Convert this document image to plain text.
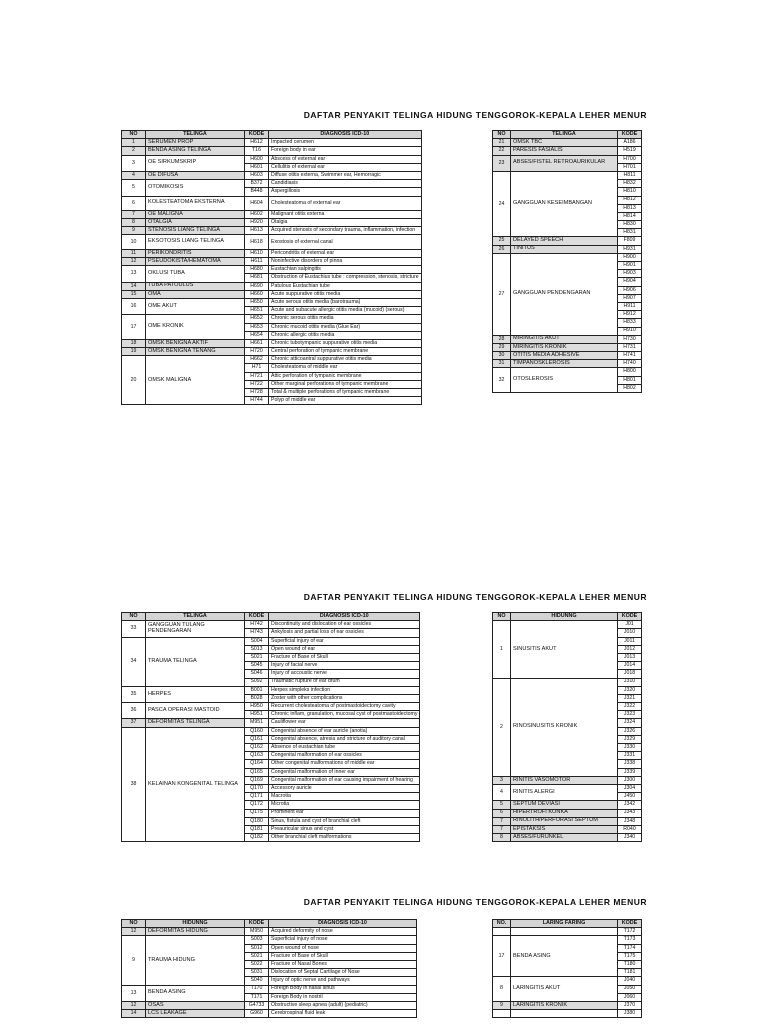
DAFTAR PENYAKIT TELINGA HIDUNG TENGGOROK-KEPALA LEHER MENUR
NO	TELINGA	KODE	DIAGNOSIS ICD-10
1	SERUMEN PROP	H612	Impacted cerumen
2	BENDA ASING TELINGA	T16	Foreign body in ear
3	OE SIRKUMSKRIP	H600	Abscess of external ear
		H601	Cellulitis of external ear
4	OE DIFUSA	H603	Diffuse otitis externa, Swimmer ear, Hemorragic
5	OTOMIKOSIS	B372	Candidiasis
		B448	Aspergillosis
6	KOLESTEATOMA EKSTERNA	H604	Cholesteatoma of external ear
7	OE MALIGNA	H602	Malignant otitis externa
8	OTALGIA	H920	Otalgia
9	STENOSIS LIANG TELINGA	H613	Acquired stenosis of secondary trauma, inflammation, infection
10	EKSOTOSIS LIANG TELINGA	H618	Exostosis of external canal
11	PERIKONDRITIS	H610	Pericondritis of external ear
12	PSEUDOKISTA/HEMATOMA	H611	Noninfective disorders of pinna
13	OKLUSI TUBA	H680	Eustachian salpingitis
		H681	Obstruction of Eustachius tube : compression, stenosis, stricture
14	TUBA PATOULUS	H690	Patulous Eustachian tube
15	OMA	H660	Acute suppurative otitis media
16	OME AKUT	H650	Acute serous otitis media (barotrauma)
		H651	Acute and subacute allergic otitis media (mucoid) (serous)
17	OME KRONIK	H652	Chronic serous otitis media
		H653	Chronic mucoid otitis media (Glue Ear)
		H654	Chronic allergic otitis media
18	OMSK BENIGNA AKTIF	H661	Chronic tubotympanic suppurative otitis media
19	OMSK BENIGNA TENANG	H720	Central perforation of tympanic membrane
20	OMSK MALIGNA	H662	Chronic atticoantral suppurative otitis media
		H71	Cholesteatoma of middle ear
		H721	Attic perforation of tympanic membrane
		H722	Other marginal perforations of tympanic membrane
		H728	Total & multiple perforations of tympanic membrane
		H744	Polyp of middle ear
NO	TELINGA	KODE
21	OMSK TBC	A186
22	PARESIS FASIALIS	H519
23	ABSES/FISTEL RETROAURIKULAR	H700
		H701
24	GANGGUAN KESEIMBANGAN	H811
		H832
		H810
		H812
		H813
		H814
		H830
		H831
25	DELAYED SPEECH	F809
26	TINITUS	H931
27	GANGGUAN PENDENGARAN	H900
		H901
		H903
		H904
		H906
		H907
		H911
		H912
		H833
		H910
28	MIRINGITIS AKUT	H730
29	MIRINGITIS KRONIK	H731
30	OTITIS MEDIA ADHESIVE	H741
31	TIMPANOSKLEROSIS	H740
32	OTOSLEROSIS	H800
		H801
		H802
DAFTAR PENYAKIT TELINGA HIDUNG TENGGOROK-KEPALA LEHER MENUR
NO	TELINGA	KODE	DIAGNOSIS ICD-10
33	GANGGUAN TULANG PENDENGARAN	H742	Discontinuity and dislocation of ear ossicles
		H743	Ankylosis and partial loss of ear ossicles
34	TRAUMA TELINGA	S004	Superficial injury of ear
		S013	Open wound of ear
		S021	Fracture of Base of Skull
		S045	Injury of facial nerve
		S046	Injury of accoustic nerve
		S092	Traumatic rupture of ear drum
35	HERPES	B001	Herpes simpleks infection
		B028	Zoster with other complications
36	PASCA OPERASI MASTOID	H950	Recurrent cholesteatoma of postmastoidectomy cavity
		H951	Chronic inflam, granulation, mucosal cyst of postmastoidectomy
37	DEFORMITAS TELINGA	M951	Cauliflower ear
38	KELAINAN KONGENITAL TELINGA	Q160	Congenital absence of ear auricle (anotia)
		Q161	Congenital absence, atresia and stricture of auditory canal
		Q162	Absence of eustachian tube
		Q163	Congenital malformation of ear ossicles
		Q164	Other congenital malformations of middle ear
		Q165	Congenital malformation of inner ear
		Q169	Congenital malformation of ear causing impairment of hearing
		Q170	Accessory auricle
		Q171	Macrotia
		Q172	Microtia
		Q175	Prominent ear
		Q180	Sinus, fistula and cyst of branchial cleft
		Q181	Preauricular sinus and cyst
		Q182	Other branchial cleft malformations
NO	HIDUNNG	KODE
1	SINUSITIS AKUT	J01
		J010
		J011
		J012
		J013
		J014
		J018
2	RINOSINUSITIS KRONIK	J310
		J320
		J321
		J322
		J323
		J324
		J326
		J329
		J330
		J331
		J338
		J339
3	RINITIS VASOMOTOR	J300
4	RINITIS ALERGI	J304
		J450
5	SEPTUM DEVIASI	J342
6	HIPERTROFI KONKA	J343
7	RINOLITH/PERFORASI SEPTUM	J348
7	EPISTAKSIS	R040
8	ABSES/FURUNKEL	J340
DAFTAR PENYAKIT TELINGA HIDUNG TENGGOROK-KEPALA LEHER MENUR
NO	HIDUNNG	KODE	DIAGNOSIS ICD-10
12	DEFORMITAS HIDUNG	M950	Acquired deformity of nose
9	TRAUMA HIDUNG	S003	Superficial injury of nose
		S012	Open wound of nose
		S021	Fracture of Base of Skull
		S022	Fracture of Nasal Bones
		S031	Dislocation of Septal Cartilage of Nose
		S040	Injury of optic nerve and pathways
13	BENDA ASING	T170	Foreign Body in nasal sinus
		T171	Foreign Body in nostril
12	OSAS	G4733	Obstructive sleep apnea (adult) (pediatric)
14	LCS LEAKAGE	G960	Cerebrospinal fluid leak
NO.	LARING FARING	KODE
		T172
17	BENDA ASING	T173
		T174
		T175
		T180
		T181
8	LARINGITIS AKUT	J040
		J050
		J060
9	LARINGITIS KRONIK	J370
		J380
